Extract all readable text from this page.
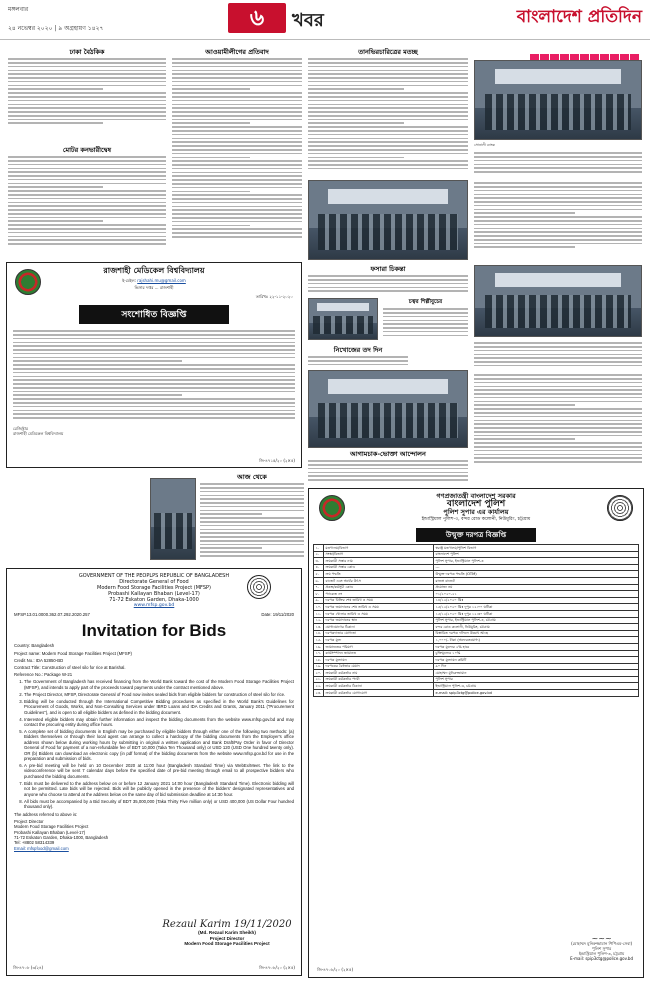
মঙ্গলবার
২৪ নভেম্বর ২০২০ | ৯ অগ্রহায়ণ ১৪২৭	৬	খবর	বাংলাদেশ প্রতিদিন
ঢাকা বৈঠকিক
মোটর কনভারীদ্বেষ
আওয়ামীলীগের প্রতিবাদ	তানভিরচারিত্রের মতচ্ছ
সোনালী ব্যাংক
ফসারা চিকন্তা
চত্বর শিল্পীবুচের
রাজশাহী মেডিকেল বিশ্ববিদ্যালয়
ই-মেইল: rajshahi.mu@gmail.com
ভিসার দপ্তর ... রাজশাহী
তারিখঃ ২২-১১-২০২০
সংশোধিত বিজ্ঞপ্তি
রেজিস্ট্রার
রাজশাহী মেডিকেল বিশ্ববিদ্যালয়
জি-৪৭১৫/২০ (২×৫)
নিখোজের তদ দিন
আগামচাক-ভোক্তা আন্দোলন
আজ থেকে
GOVERNMENT OF THE PEOPLPS REPUBLIC OF BANGLADESH
Directorate General of Food
Modern Food Storage Facilities Project (MFSP)
Probashi Kallayan Bhaban (Level-17)
71-72 Eskaton Garden, Dhaka-1000
www.mfsp.gov.bd
MFSP.13.01.0000.362.07.292.2020.257	Date: 19/11/2020
Invitation for Bids

Country: Bangladesh

Project name: Modern Food Storage Facilities Project (MFSP)

Credit No.: IDA 52850-BD

Contract Title: Construction of steel silo for rice at Barishal.

Reference No.: Package W-21

1. The Government of Bangladesh has received financing from the World Bank toward the cost of the Modern Food Storage Facilities Project (MFSP), and intends to apply part of the proceeds toward payments under the contract mentioned above.
2. The Project Director, MFSP, Directorate General of Food now invites sealed bids from eligible bidders for construction of steel silo for rice.
3. Bidding will be conducted through the International Competitive Bidding procedures as specified in the World Bank's Guidelines for Procurement of Goods, Works, and Non-Consulting Services under IBRD Loans and IDA Credits and Grants, January 2011 ("Procurement Guidelines"), and is open to all eligible bidders as defined in the bidding document.
4. Interested eligible bidders may obtain further information and inspect the bidding documents from the website www.mfsp.gov.bd and may contact the procuring entity during office hours.
5. A complete set of bidding documents in English may be purchased by eligible bidders through either one of the following two methods: (a) Bidders themselves or through their local agent can arrange to collect a hardcopy of the bidding documents from the Employer's office address shown below during working hours by submitting in original a written application and Bank Draft/Pay Order in favor of Director General of Food for payment of a non-refundable fee of BDT 10,000 (Taka Ten Thousand only) or USD 120 (USD One hundred twenty only). OR (b) Bidders can download an electronic copy (in pdf format) of the bidding documents from the website www.mfsp.gov.bd for use in the preparation and submission of bids.
6. A pre-bid meeting will be held on 10 December 2020 at 11:00 hour (Bangladesh Standard Time) via WebEx/Meet. The link to the videoconference will be sent 7 calendar days before the specified date of pre-bid meeting through email to all prospective bidders who purchased the bidding documents.
7. Bids must be delivered to the address below on or before 12 January 2021 14:00 hour (Bangladesh Standard Time). Electronic bidding will not be permitted. Late bids will be rejected. Bids will be publicly opened in the presence of the bidders' designated representatives and anyone who choose to attend at the address below on the same day of bid submission deadline at 14:30 hour.
8. All bids must be accompanied by a Bid Security of BDT 35,000,000 (Taka Thirty Five million only) or USD 400,000 (US Dollar Four hundred thousand only).

The address referred to above is:

Project Director
Modern Food Storage Facilities Project
Probashi Kallayan Bhaban (Level-17)
71-72 Eskaton Garden, Dhaka-1000, Bangladesh
Tel: +8802 58314339
Email: mfspfood@gmail.com
Rezaul Karim 19/11/2020
(Md. Rezaul Karim Sheikh)
Project Director
Modern Food Storage Facilities Project
জি-৪৭০৮ (৩/২৪)	জি-৪৭০৮/২০ (২×৫)
গণপ্রজাতন্ত্রী বাংলাদেশ সরকার
বাংলাদেশ পুলিশ
পুলিশ সুপার এর কার্যালয়
ইন্ডাস্ট্রিয়াল পুলিশ-৩, বন্দর রোড কলোনী, নিউমুরিং, চট্টগ্রাম
উন্মুক্ত দরপত্র বিজ্ঞপ্তি
১.	মন্ত্রণালয়/বিভাগ	স্বরাষ্ট্র মন্ত্রণালয়/পুলিশ বিভাগ
২.	সংস্থা/বিভাগ	বাংলাদেশ পুলিশ
৩.	ক্রয়কারী সত্তার নাম	পুলিশ সুপার, ইন্ডাস্ট্রিয়াল পুলিশ-৩
৪.	ক্রয়কারী সত্তার কোড	---
৫.	ক্রয় পদ্ধতি	উন্মুক্ত দরপত্র পদ্ধতি (OTM)
৬.	বাজেট এবং অর্থের উৎস	রাজস্ব বাজেট
৭.	প্রকল্প/কর্মসূচী কোড	প্রযোজ্য নয়
৮.	প্যাকেজ নং	০১/২০২০-২১
৯.	দরপত্র বিক্রির শেষ তারিখ ও সময়	১৪/১২/২০২০ খ্রিঃ
১০.	দরপত্র জমাদানের শেষ তারিখ ও সময়	১৫/১২/২০২০ খ্রিঃ দুপুর ১২:০০ ঘটিকা
১১.	দরপত্র খোলার তারিখ ও সময়	১৫/১২/২০২০ খ্রিঃ দুপুর ১২:৩০ ঘটিকা
১২.	দরপত্র জমাদানের স্থান	পুলিশ সুপার, ইন্ডাস্ট্রিয়াল পুলিশ-৩, চট্টগ্রাম
১৩.	যোগাযোগের ঠিকানা	বন্দর রোড কলোনী, নিউমুরিং, চট্টগ্রাম
১৪.	দরপত্রদাতার যোগ্যতা	বিস্তারিত দরপত্র দলিলে উল্লেখ আছে
১৫.	দরপত্র মূল্য	১,০০০/- টাকা (অফেরতযোগ্য)
১৬.	জামানতের পরিমাণ	দরপত্র মূল্যের ২% হারে
১৭.	কার্যসম্পাদন জামানত	চুক্তিমূল্যের ১০%
১৮.	দরপত্র মূল্যায়ন	দরপত্র মূল্যায়ন কমিটি
১৯.	দরপত্রের বৈধতার মেয়াদ	৯০ দিন
২০.	ক্রয়কারী কর্মকর্তার নাম	মোহাম্মদ মুনিরুজ্জামান
২১.	ক্রয়কারী কর্মকর্তার পদবী	পুলিশ সুপার
২২.	ক্রয়কারী কর্মকর্তার ঠিকানা	ইন্ডাস্ট্রিয়াল পুলিশ-৩, চট্টগ্রাম
২৩.	ক্রয়কারী কর্মকর্তার যোগাযোগ	e-mail: spip3ctg@police.gov.bd
~~~
(মোহাম্মদ মুনিরুজ্জামান পিপিএম-সেবা)
পুলিশ সুপার
ইন্ডাস্ট্রিয়াল পুলিশ-৩, চট্টগ্রাম
E-mail: spip3ctg@police.gov.bd
জি-৪৭০৮/২০ (২×৫)
